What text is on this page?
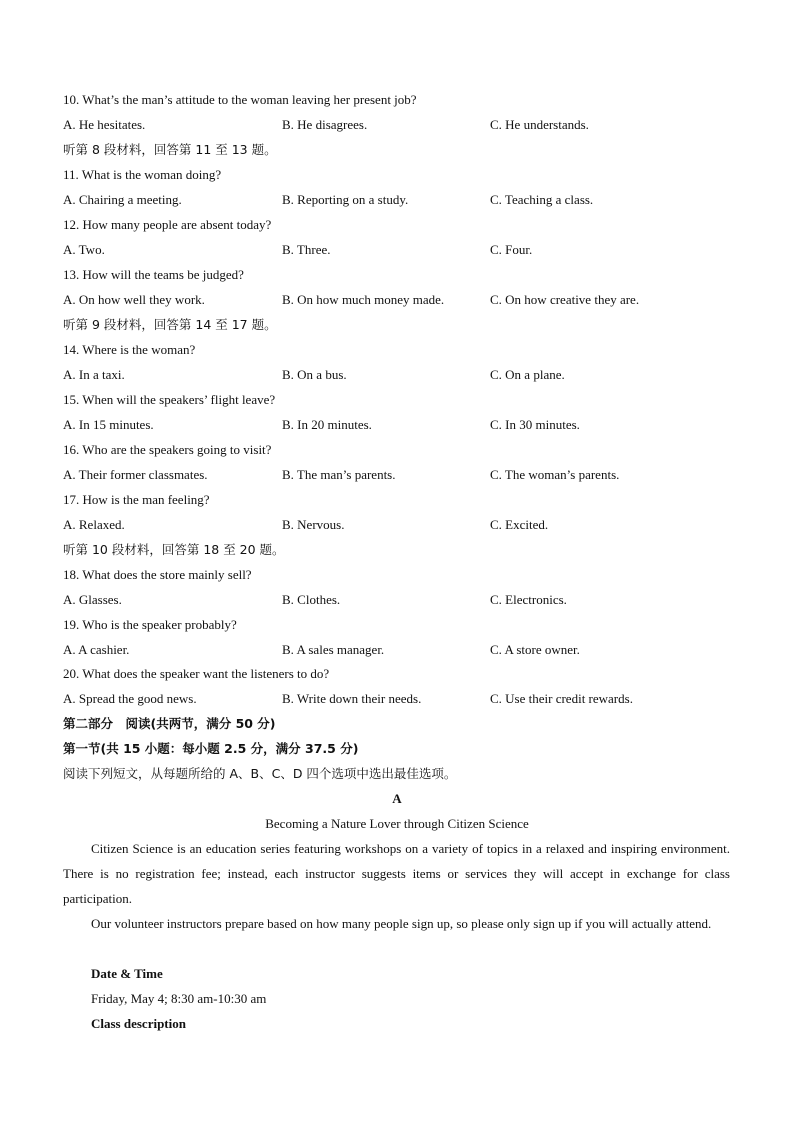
10. What’s the man’s attitude to the woman leaving her present job?
A. He hesitates.	B. He disagrees.	C. He understands.
听第 8 段材料，回答第 11 至 13 题。
11. What is the woman doing?
A. Chairing a meeting.	B. Reporting on a study.	C. Teaching a class.
12. How many people are absent today?
A. Two.	B. Three.	C. Four.
13. How will the teams be judged?
A. On how well they work.	B. On how much money made.	C. On how creative they are.
听第 9 段材料，回答第 14 至 17 题。
14. Where is the woman?
A. In a taxi.	B. On a bus.	C. On a plane.
15. When will the speakers’ flight leave?
A. In 15 minutes.	B. In 20 minutes.	C. In 30 minutes.
16. Who are the speakers going to visit?
A. Their former classmates.	B. The man’s parents.	C. The woman’s parents.
17. How is the man feeling?
A. Relaxed.	B. Nervous.	C. Excited.
听第 10 段材料，回答第 18 至 20 题。
18. What does the store mainly sell?
A. Glasses.	B. Clothes.	C. Electronics.
19. Who is the speaker probably?
A. A cashier.	B. A sales manager.	C. A store owner.
20. What does the speaker want the listeners to do?
A. Spread the good news.	B. Write down their needs.	C. Use their credit rewards.
第二部分　阅读(共两节，满分 50 分)
第一节(共 15 小题：每小题 2.5 分，满分 37.5 分)
阅读下列短文，从每题所给的 A、B、C、D 四个选项中选出最佳选项。
A
Becoming a Nature Lover through Citizen Science
Citizen Science is an education series featuring workshops on a variety of topics in a relaxed and inspiring environment. There is no registration fee; instead, each instructor suggests items or services they will accept in exchange for class participation.
Our volunteer instructors prepare based on how many people sign up, so please only sign up if you will actually attend.
Date & Time
Friday, May 4; 8:30 am-10:30 am
Class description
